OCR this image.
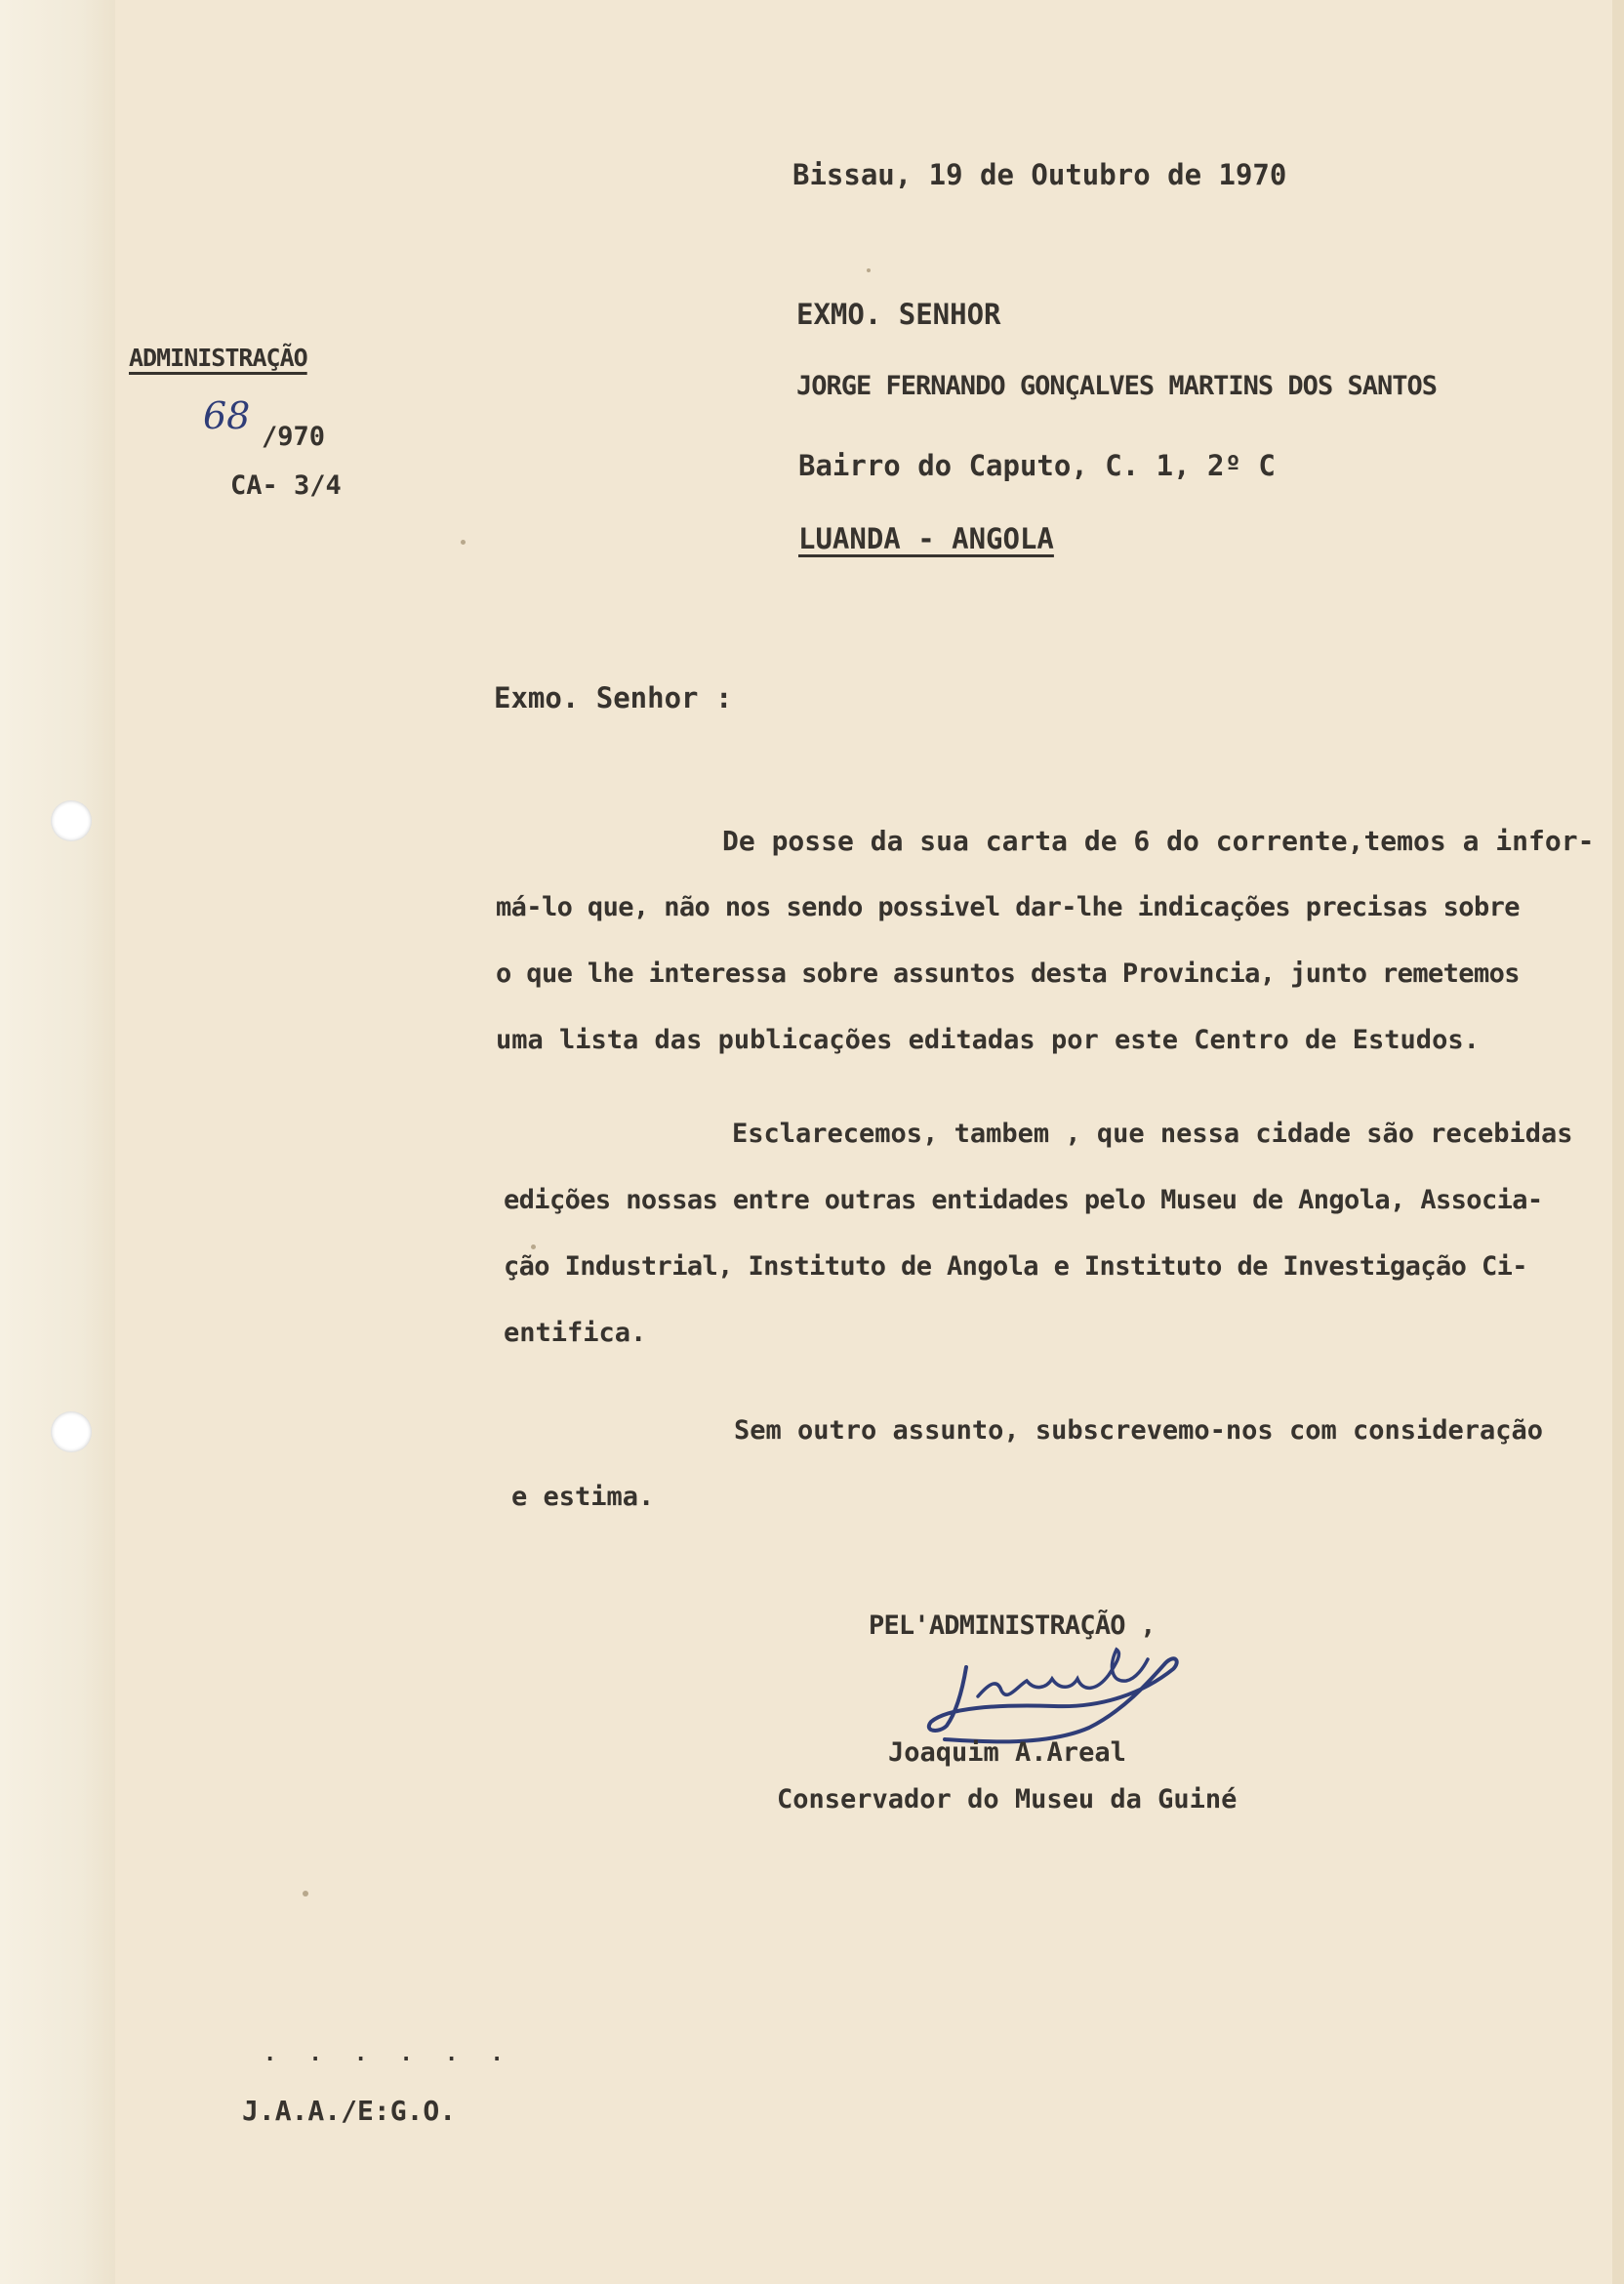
Bissau, 19 de Outubro de 1970
EXMO. SENHOR
JORGE FERNANDO GONÇALVES MARTINS DOS SANTOS
Bairro do Caputo, C. 1, 2º C
LUANDA - ANGOLA
ADMINISTRAÇÃO
68 /970
CA- 3/4
Exmo. Senhor :
De posse da sua carta de 6 do corrente,temos a infor-
má-lo que, não nos sendo possivel dar-lhe indicações precisas sobre
o que lhe interessa sobre assuntos desta Provincia, junto remetemos
uma lista das publicações editadas por este Centro de Estudos.
Esclarecemos, tambem , que nessa cidade são recebidas
edições nossas entre outras entidades pelo Museu de Angola, Associa-
ção Industrial, Instituto de Angola e Instituto de Investigação Ci-
entifica.
Sem outro assunto, subscrevemo-nos com consideração
e estima.
PEL'ADMINISTRAÇÃO ,
Joaquim A.Areal
Conservador do Museu da Guiné
. . . . . .
J.A.A./E:G.O.
